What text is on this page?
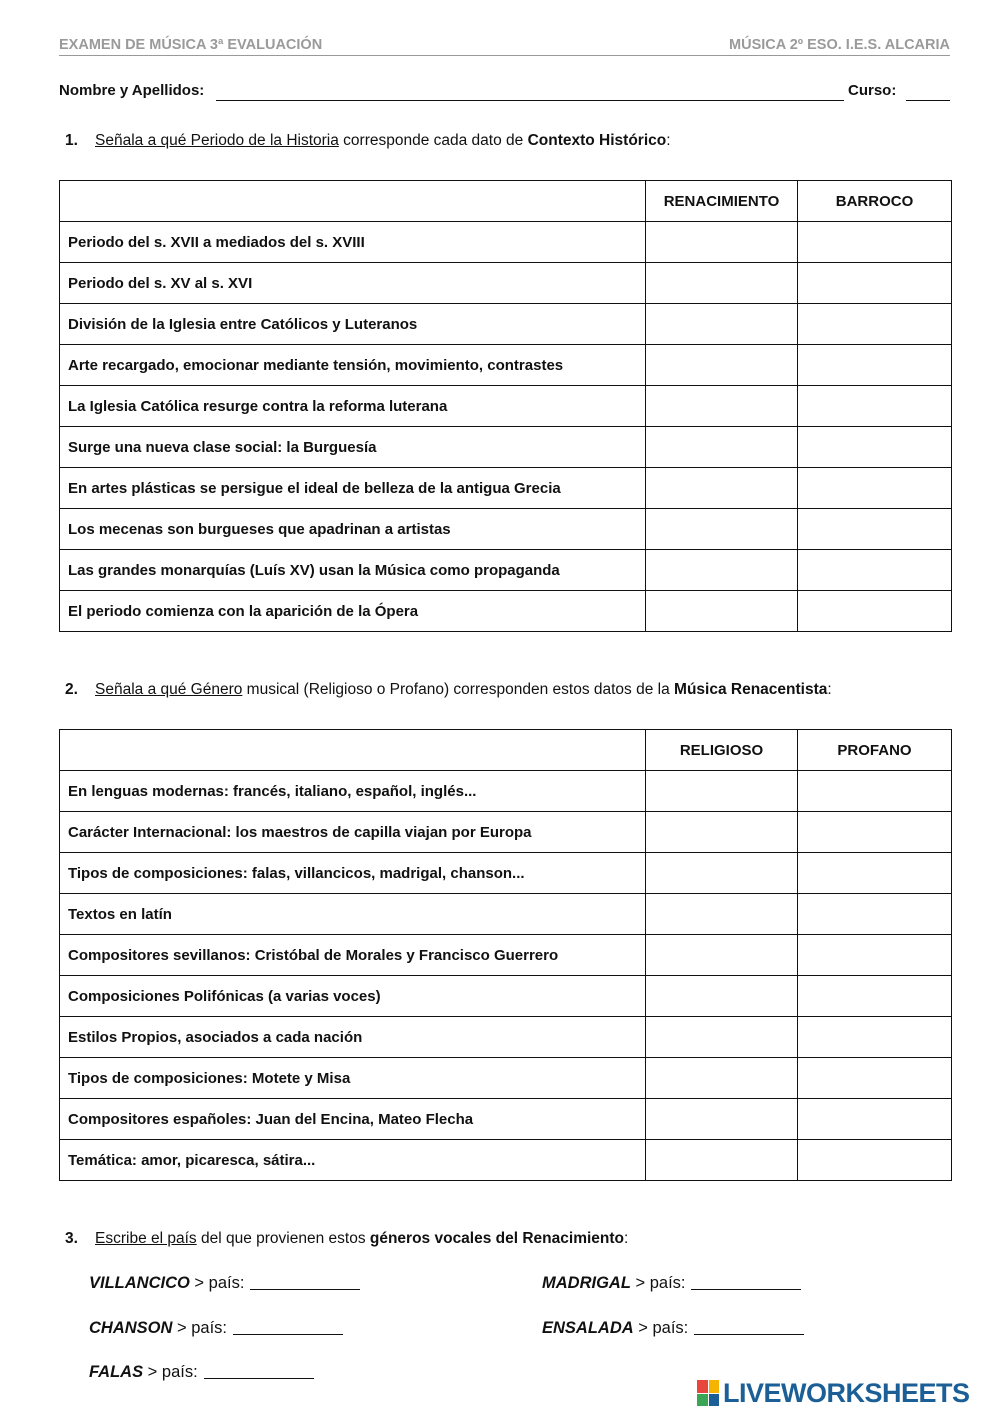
EXAMEN DE MÚSICA 3ª EVALUACIÓN	MÚSICA 2º ESO. I.E.S. ALCARIA
Nombre y Apellidos:	Curso:
1. Señala a qué Periodo de la Historia corresponde cada dato de Contexto Histórico:
	RENACIMIENTO	BARROCO
Periodo del s. XVII a mediados del s. XVIII		
Periodo del s. XV al s. XVI		
División de la Iglesia entre Católicos y Luteranos		
Arte recargado, emocionar mediante tensión, movimiento, contrastes		
La Iglesia Católica resurge contra la reforma luterana		
Surge una nueva clase social: la Burguesía		
En artes plásticas se persigue el ideal de belleza de la antigua Grecia		
Los mecenas son burgueses que apadrinan a artistas		
Las grandes monarquías (Luís XV) usan la Música como propaganda		
El periodo comienza con la aparición de la Ópera		
2. Señala a qué Género musical (Religioso o Profano) corresponden estos datos de la Música Renacentista:
	RELIGIOSO	PROFANO
En lenguas modernas: francés, italiano, español, inglés...		
Carácter Internacional: los maestros de capilla viajan por Europa		
Tipos de composiciones: falas, villancicos, madrigal, chanson...		
Textos en latín		
Compositores sevillanos: Cristóbal de Morales y Francisco Guerrero		
Composiciones Polifónicas (a varias voces)		
Estilos Propios, asociados a cada nación		
Tipos de composiciones: Motete y Misa		
Compositores españoles: Juan del Encina, Mateo Flecha		
Temática: amor, picaresca, sátira...		
3. Escribe el país del que provienen estos géneros vocales del Renacimiento:
VILLANCICO > país:	MADRIGAL > país:
CHANSON > país:	ENSALADA > país:
FALAS > país:
LIVEWORKSHEETS
